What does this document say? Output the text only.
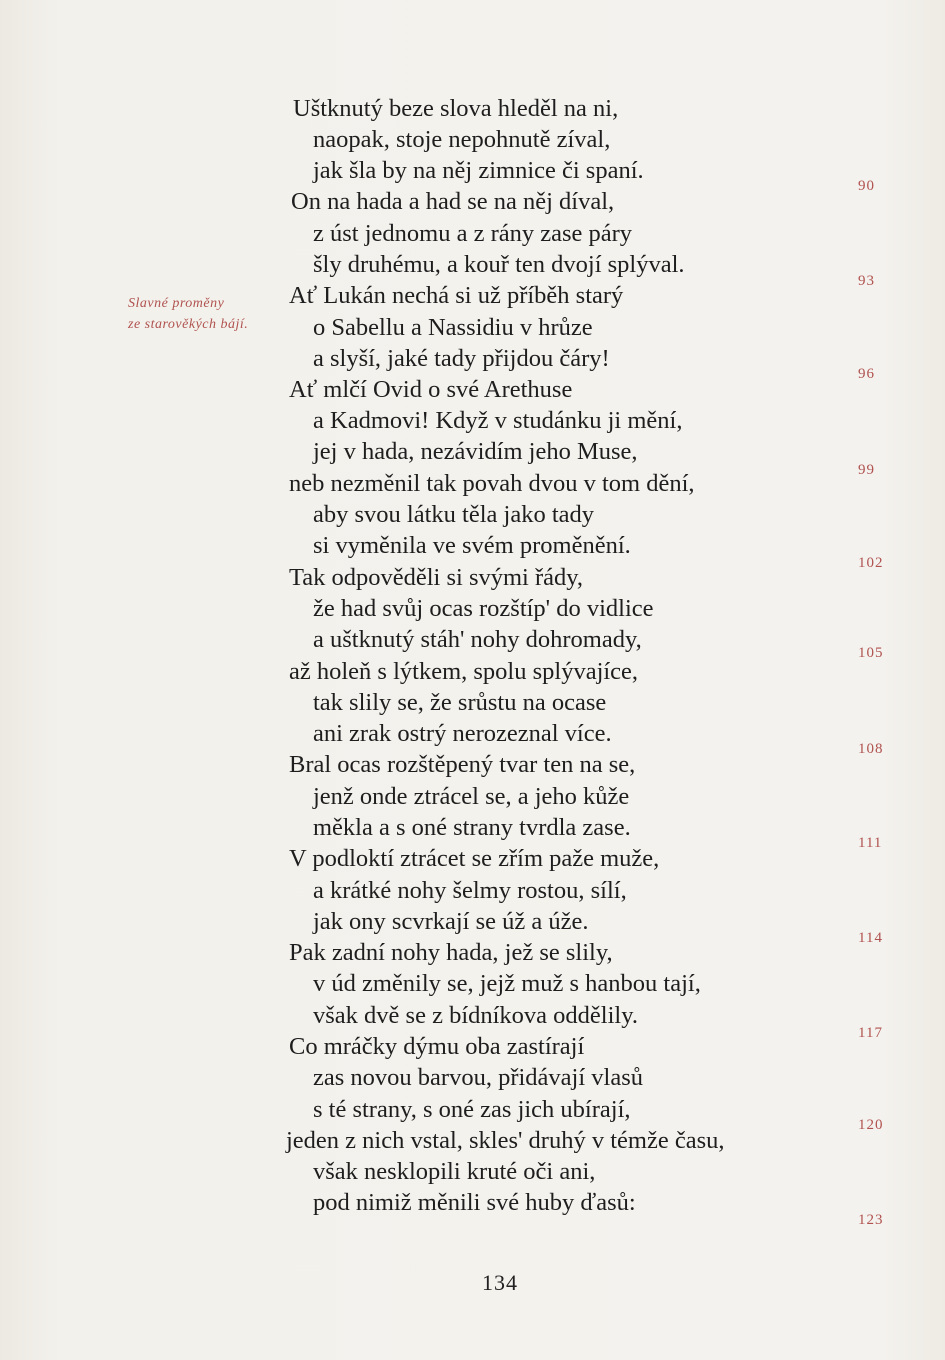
Uštknutý beze slova hleděl na ni,
naopak, stoje nepohnutě zíval,
jak šla by na něj zimnice či spaní.
On na hada a had se na něj díval,
z úst jednomu a z rány zase páry
šly druhému, a kouř ten dvojí splýval.
Ať Lukán nechá si už příběh starý
o Sabellu a Nassidiu v hrůze
a slyší, jaké tady přijdou čáry!
Ať mlčí Ovid o své Arethuse
a Kadmovi! Když v studánku ji mění,
jej v hada, nezávidím jeho Muse,
neb nezměnil tak povah dvou v tom dění,
aby svou látku těla jako tady
si vyměnila ve svém proměnění.
Tak odpověděli si svými řády,
že had svůj ocas rozštíp' do vidlice
a uštknutý stáh' nohy dohromady,
až holeň s lýtkem, spolu splývajíce,
tak slily se, že srůstu na ocase
ani zrak ostrý nerozeznal více.
Bral ocas rozštěpený tvar ten na se,
jenž onde ztrácel se, a jeho kůže
měkla a s oné strany tvrdla zase.
V podloktí ztrácet se zřím paže muže,
a krátké nohy šelmy rostou, sílí,
jak ony scvrkají se úž a úže.
Pak zadní nohy hada, jež se slily,
v úd změnily se, jejž muž s hanbou tají,
však dvě se z bídníkova oddělily.
Co mráčky dýmu oba zastírají
zas novou barvou, přidávají vlasů
s té strany, s oné zas jich ubírají,
jeden z nich vstal, skles' druhý v témže času,
však nesklopili kruté oči ani,
pod nimiž měnili své huby ďasů:
Slavné proměny
ze starověkých bájí.
90
93
96
99
102
105
108
111
114
117
120
123
134
